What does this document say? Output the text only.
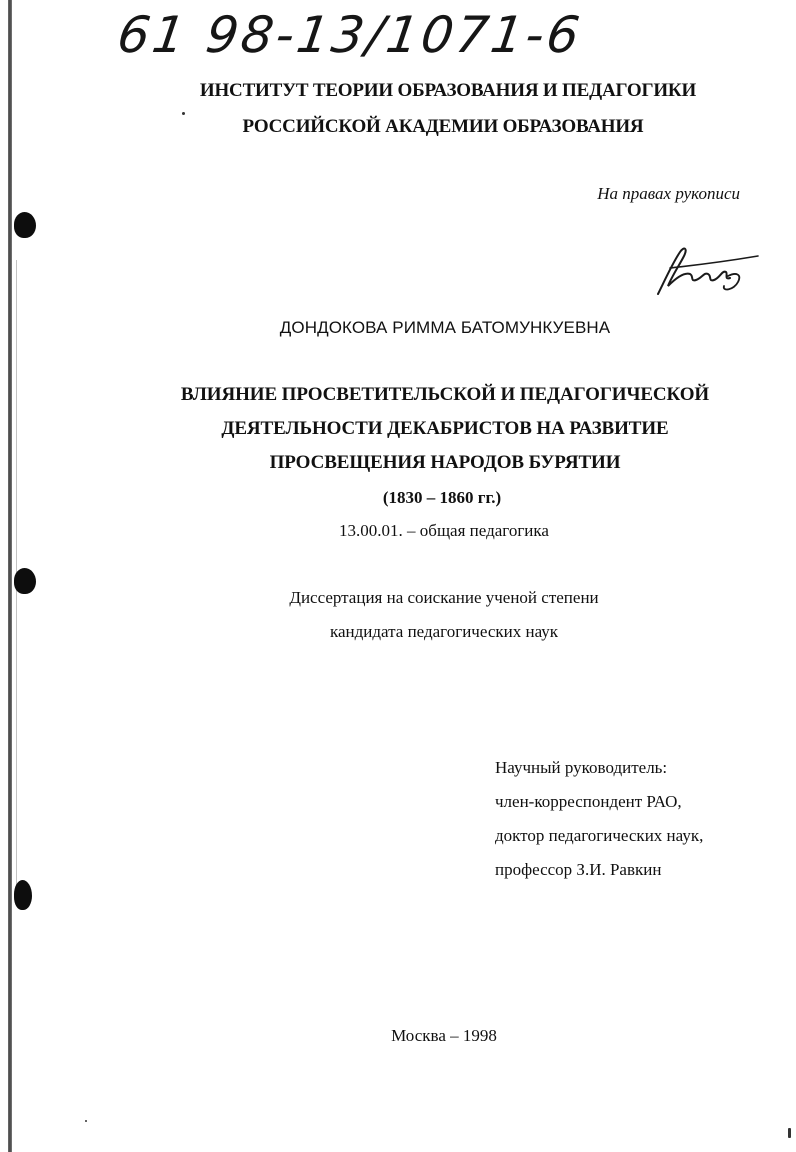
61 98-13/1071-6
ИНСТИТУТ ТЕОРИИ ОБРАЗОВАНИЯ И ПЕДАГОГИКИ
РОССИЙСКОЙ АКАДЕМИИ ОБРАЗОВАНИЯ
На правах рукописи
ДОНДОКОВА РИММА БАТОМУНКУЕВНА
ВЛИЯНИЕ ПРОСВЕТИТЕЛЬСКОЙ И ПЕДАГОГИЧЕСКОЙ
ДЕЯТЕЛЬНОСТИ ДЕКАБРИСТОВ НА РАЗВИТИЕ
ПРОСВЕЩЕНИЯ НАРОДОВ БУРЯТИИ
(1830 – 1860 гг.)
13.00.01. – общая педагогика
Диссертация на соискание ученой степени
кандидата педагогических наук
Научный руководитель:
член-корреспондент РАО,
доктор педагогических наук,
профессор З.И. Равкин
Москва – 1998
